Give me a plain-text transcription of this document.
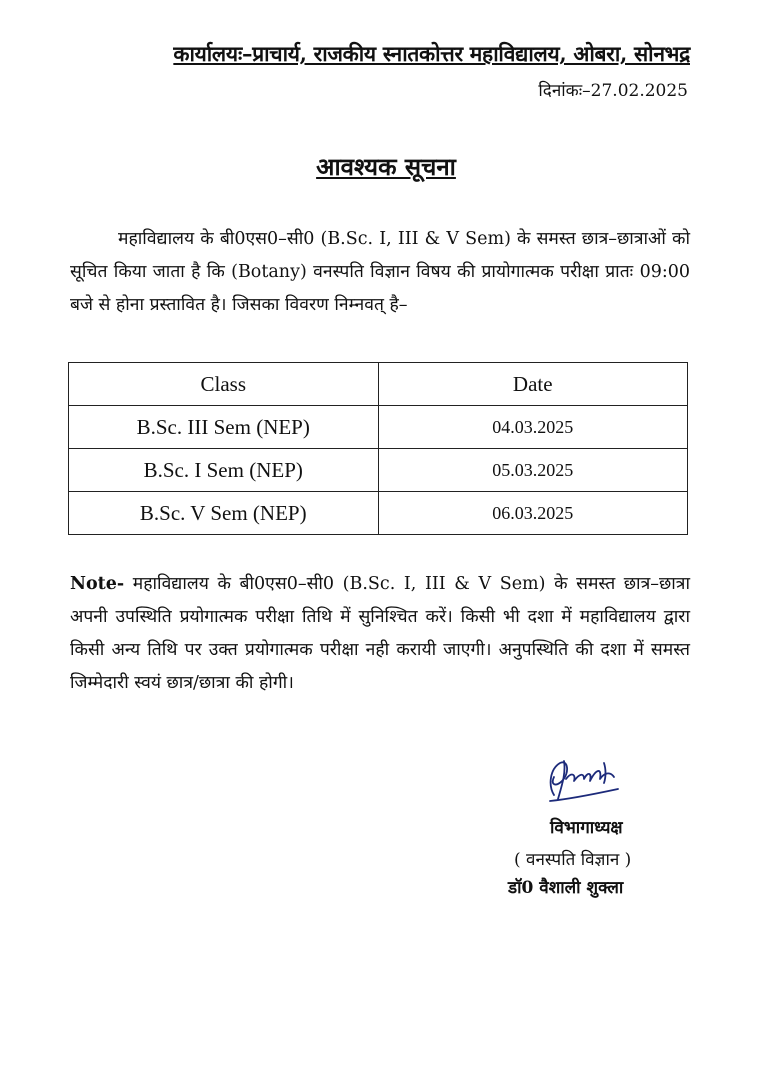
कार्यालयः–प्राचार्य, राजकीय स्नातकोत्तर महाविद्यालय, ओबरा, सोनभद्र
दिनांकः–27.02.2025
आवश्यक सूचना
महाविद्यालय के बी0एस0–सी0 (B.Sc. I, III & V Sem) के समस्त छात्र–छात्राओं को सूचित किया जाता है कि (Botany) वनस्पति विज्ञान विषय की प्रायोगात्मक परीक्षा प्रातः 09:00 बजे से होना प्रस्तावित है। जिसका विवरण निम्नवत् है–
Class	Date
B.Sc. III Sem (NEP)	04.03.2025
B.Sc. I Sem (NEP)	05.03.2025
B.Sc. V Sem (NEP)	06.03.2025
Note- महाविद्यालय के बी0एस0–सी0 (B.Sc. I, III & V Sem) के समस्त छात्र–छात्रा अपनी उपस्थिति प्रयोगात्मक परीक्षा तिथि में सुनिश्चित करें। किसी भी दशा में महाविद्यालय द्वारा किसी अन्य तिथि पर उक्त प्रयोगात्मक परीक्षा नही करायी जाएगी। अनुपस्थिति की दशा में समस्त जिम्मेदारी स्वयं छात्र/छात्रा की होगी।
विभागाध्यक्ष
( वनस्पति विज्ञान )
डॉ0 वैशाली शुक्ला
